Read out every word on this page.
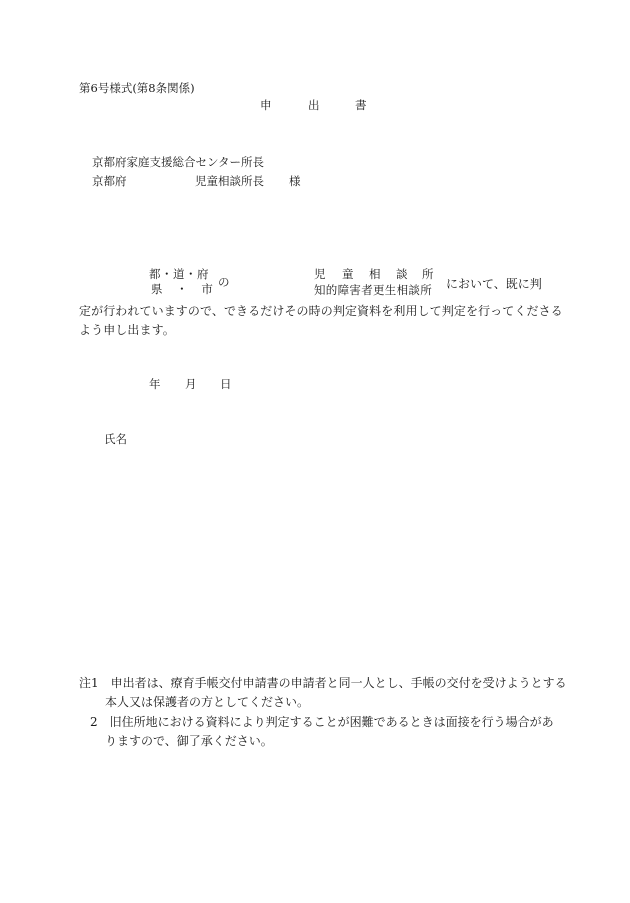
第6号様式(第8条関係)
申	出	書
京都府家庭支援総合センター所長
京都府	児童相談所長 様
都・道・府
県 ・ 市 の
児 童 相 談 所
知的障害者更生相談所 において、既に判
定が行われていますので、できるだけその時の判定資料を利用して判定を行ってくださる
よう申し出ます。
年 月 日
氏名
注1　申出者は、療育手帳交付申請書の申請者と同一人とし、手帳の交付を受けようとする
本人又は保護者の方としてください。
2　旧住所地における資料により判定することが困難であるときは面接を行う場合があ
りますので、御了承ください。
